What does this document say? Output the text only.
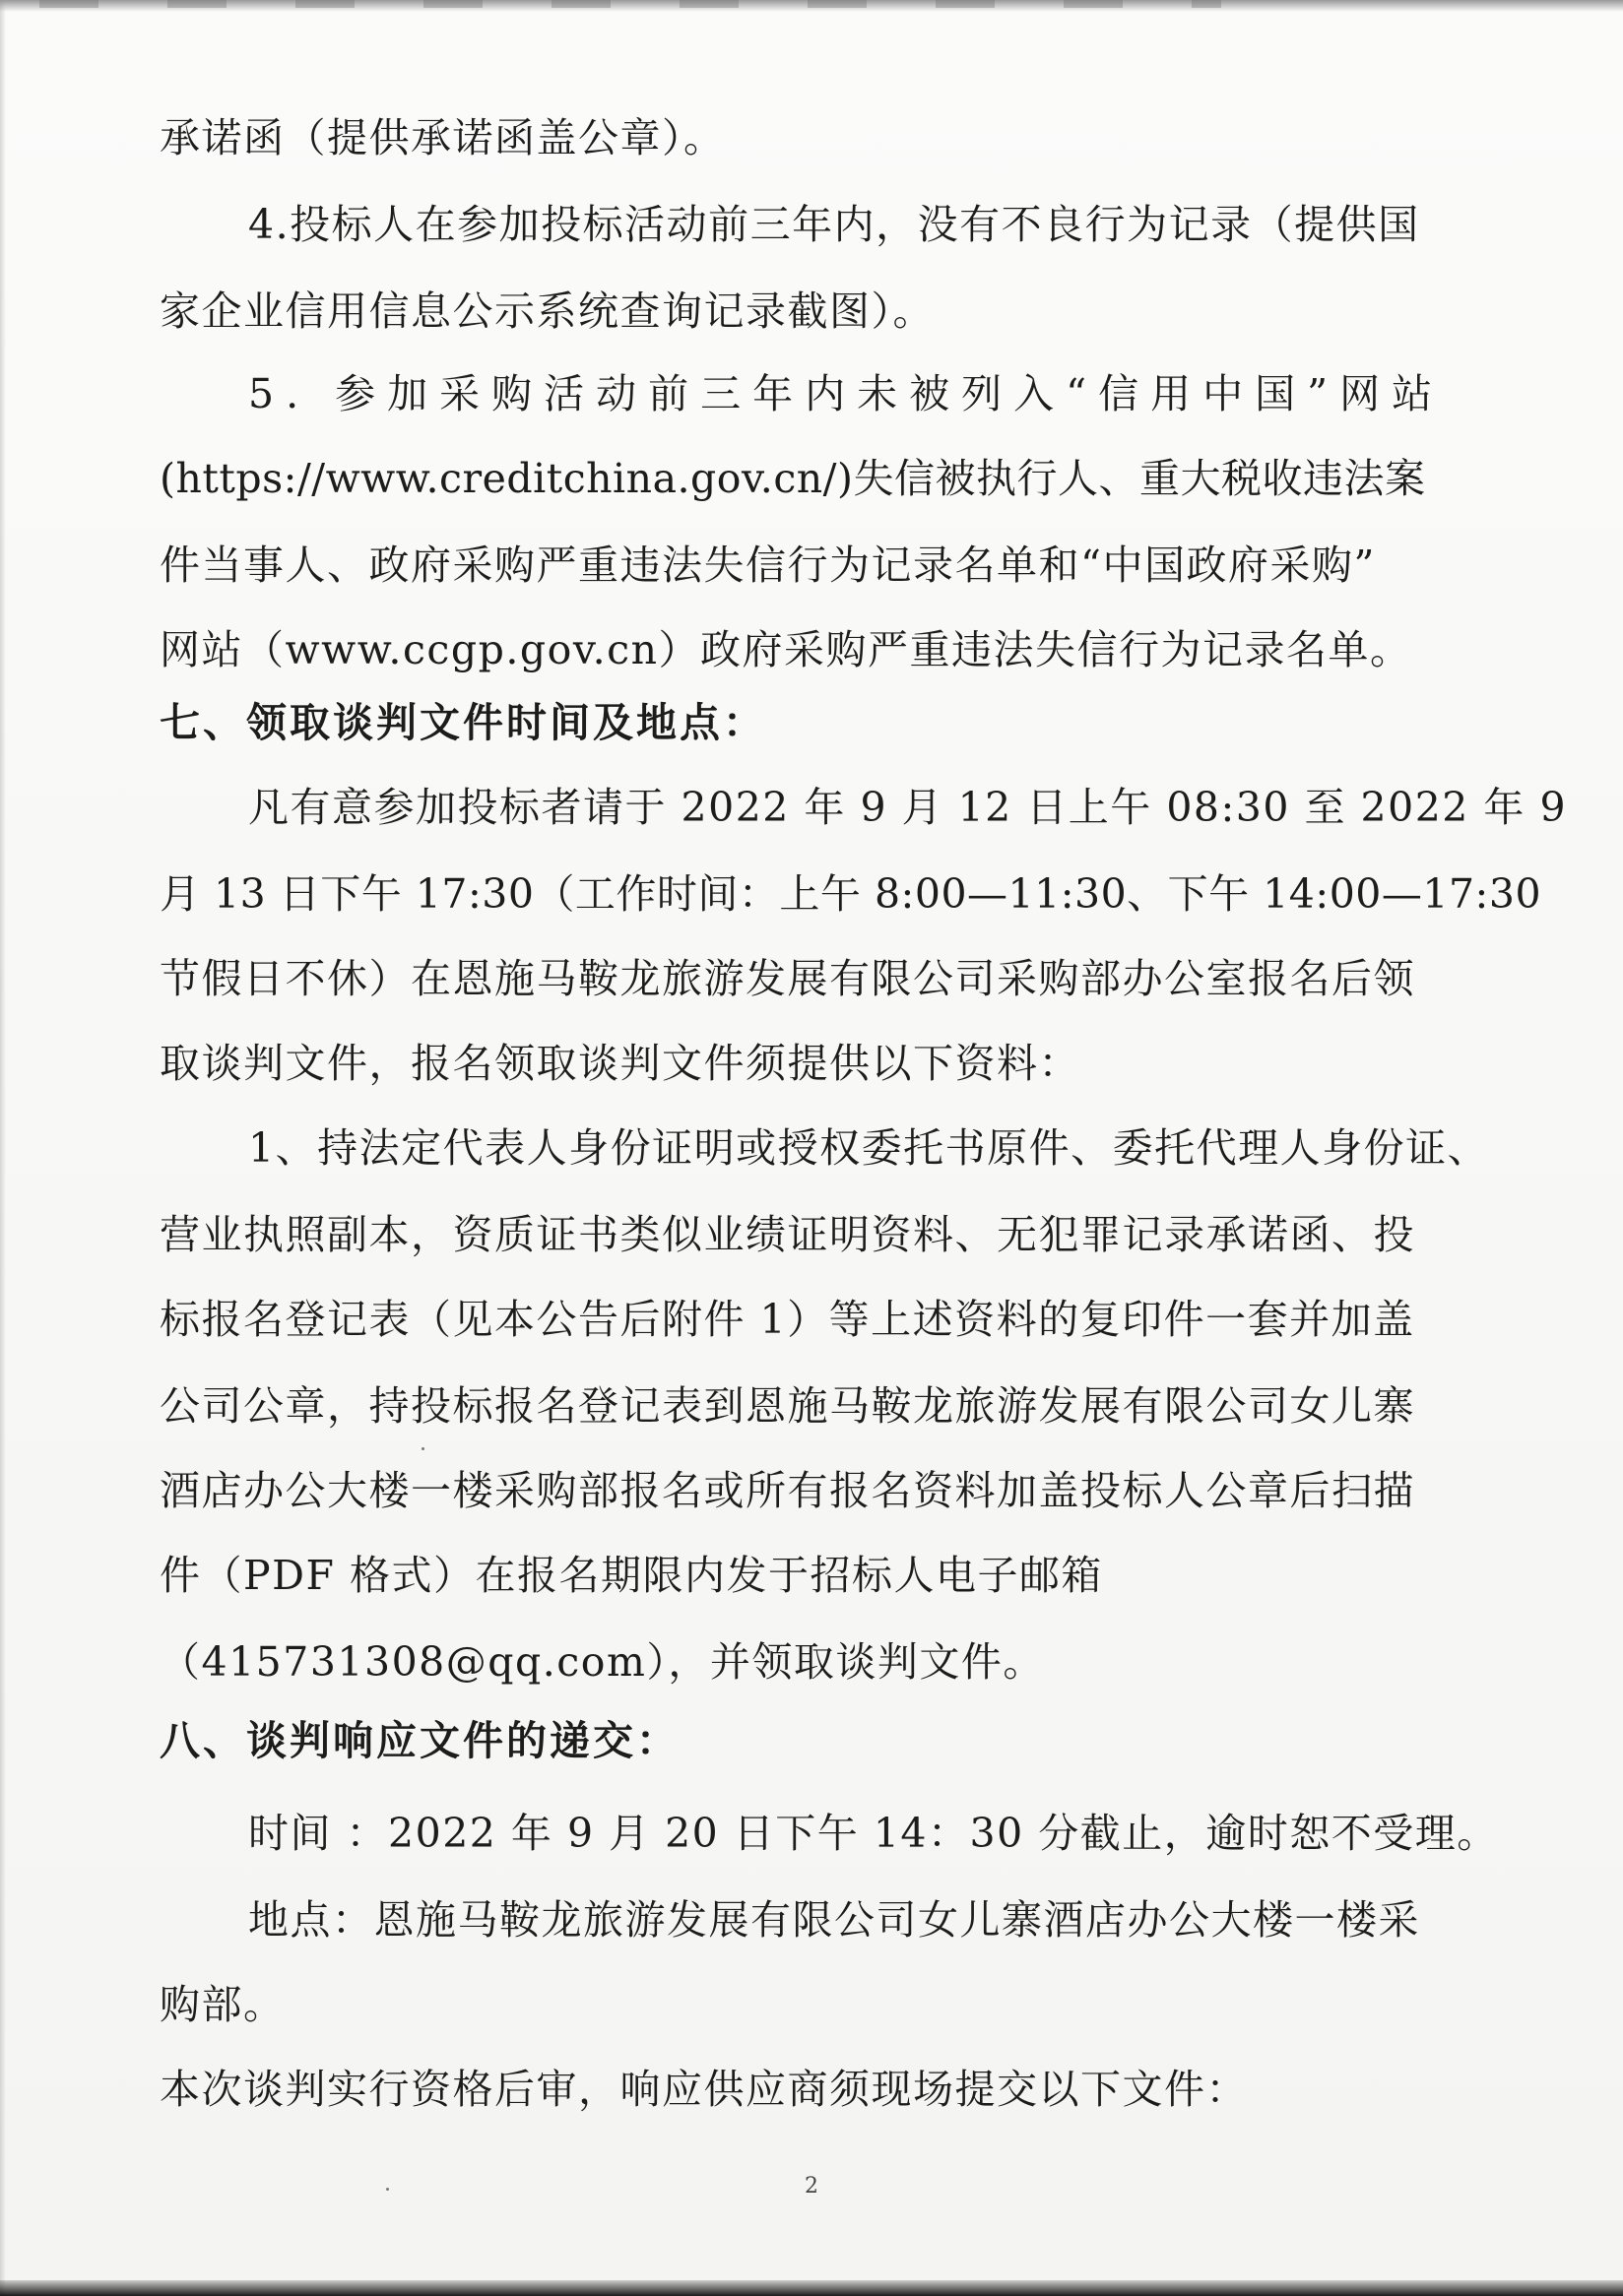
承诺函（提供承诺函盖公章）。
4.投标人在参加投标活动前三年内，没有不良行为记录（提供国
家企业信用信息公示系统查询记录截图）。
5. 参加采购活动前三年内未被列入“信用中国”网站
(https://www.creditchina.gov.cn/)失信被执行人、重大税收违法案
件当事人、政府采购严重违法失信行为记录名单和“中国政府采购”
网站（www.ccgp.gov.cn）政府采购严重违法失信行为记录名单。
七、领取谈判文件时间及地点：
凡有意参加投标者请于 2022 年 9 月 12 日上午 08:30 至 2022 年 9
月 13 日下午 17:30（工作时间：上午 8:00—11:30、下午 14:00—17:30
节假日不休）在恩施马鞍龙旅游发展有限公司采购部办公室报名后领
取谈判文件，报名领取谈判文件须提供以下资料：
1、持法定代表人身份证明或授权委托书原件、委托代理人身份证、
营业执照副本，资质证书类似业绩证明资料、无犯罪记录承诺函、投
标报名登记表（见本公告后附件 1）等上述资料的复印件一套并加盖
公司公章，持投标报名登记表到恩施马鞍龙旅游发展有限公司女儿寨
酒店办公大楼一楼采购部报名或所有报名资料加盖投标人公章后扫描
件（PDF 格式）在报名期限内发于招标人电子邮箱
（415731308@qq.com），并领取谈判文件。
八、谈判响应文件的递交：
时间 ：2022 年 9 月 20 日下午 14：30 分截止，逾时恕不受理。
地点：恩施马鞍龙旅游发展有限公司女儿寨酒店办公大楼一楼采
购部。
本次谈判实行资格后审，响应供应商须现场提交以下文件：
2
